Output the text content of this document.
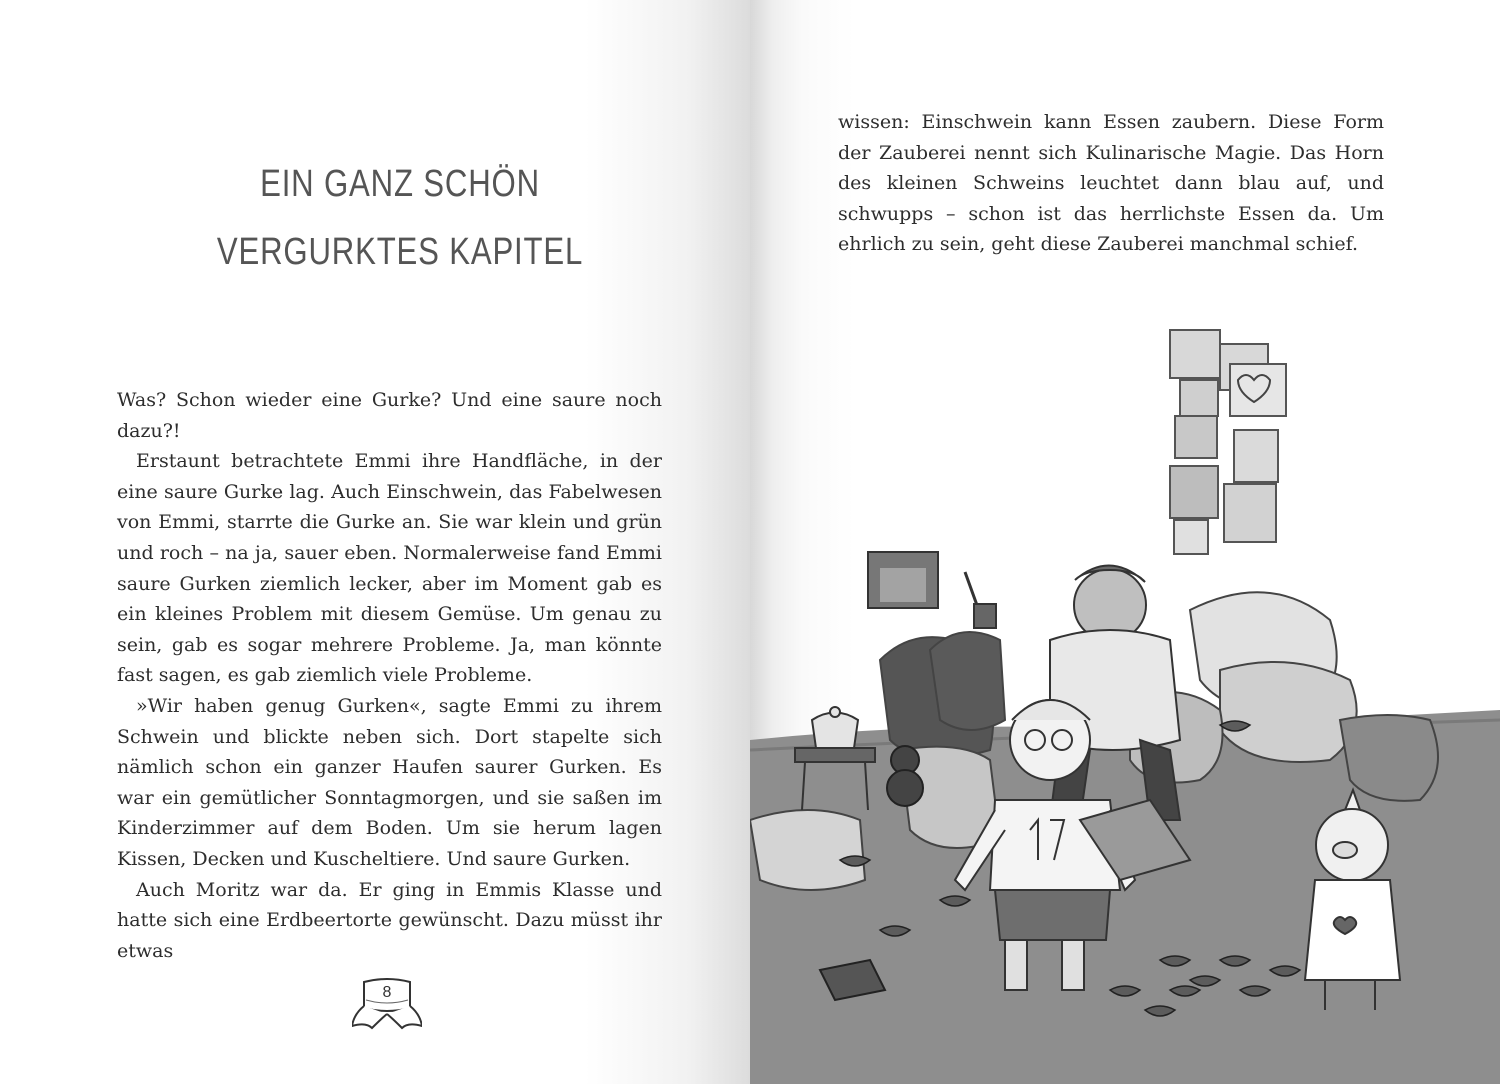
EIN GANZ SCHÖN
VERGURKTES KAPITEL

Was? Schon wieder eine Gurke? Und eine saure noch dazu?!

Erstaunt betrachtete Emmi ihre Handfläche, in der eine saure Gurke lag. Auch Einschwein, das Fabelwesen von Emmi, starrte die Gurke an. Sie war klein und grün und roch – na ja, sauer eben. Normalerweise fand Emmi saure Gurken ziemlich lecker, aber im Moment gab es ein kleines Problem mit diesem Gemüse. Um genau zu sein, gab es sogar mehrere Probleme. Ja, man könnte fast sagen, es gab ziemlich viele Probleme.

»Wir haben genug Gurken«, sagte Emmi zu ihrem Schwein und blickte neben sich. Dort stapelte sich nämlich schon ein ganzer Haufen saurer Gurken. Es war ein gemütlicher Sonntagmorgen, und sie saßen im Kinderzimmer auf dem Boden. Um sie herum lagen Kissen, Decken und Kuscheltiere. Und saure Gurken.

Auch Moritz war da. Er ging in Emmis Klasse und hatte sich eine Erdbeertorte gewünscht. Dazu müsst ihr etwas

8

wissen: Einschwein kann Essen zaubern. Diese Form der Zauberei nennt sich Kulinarische Magie. Das Horn des kleinen Schweins leuchtet dann blau auf, und schwupps – schon ist das herrlichste Essen da. Um ehrlich zu sein, geht diese Zauberei manchmal schief.
